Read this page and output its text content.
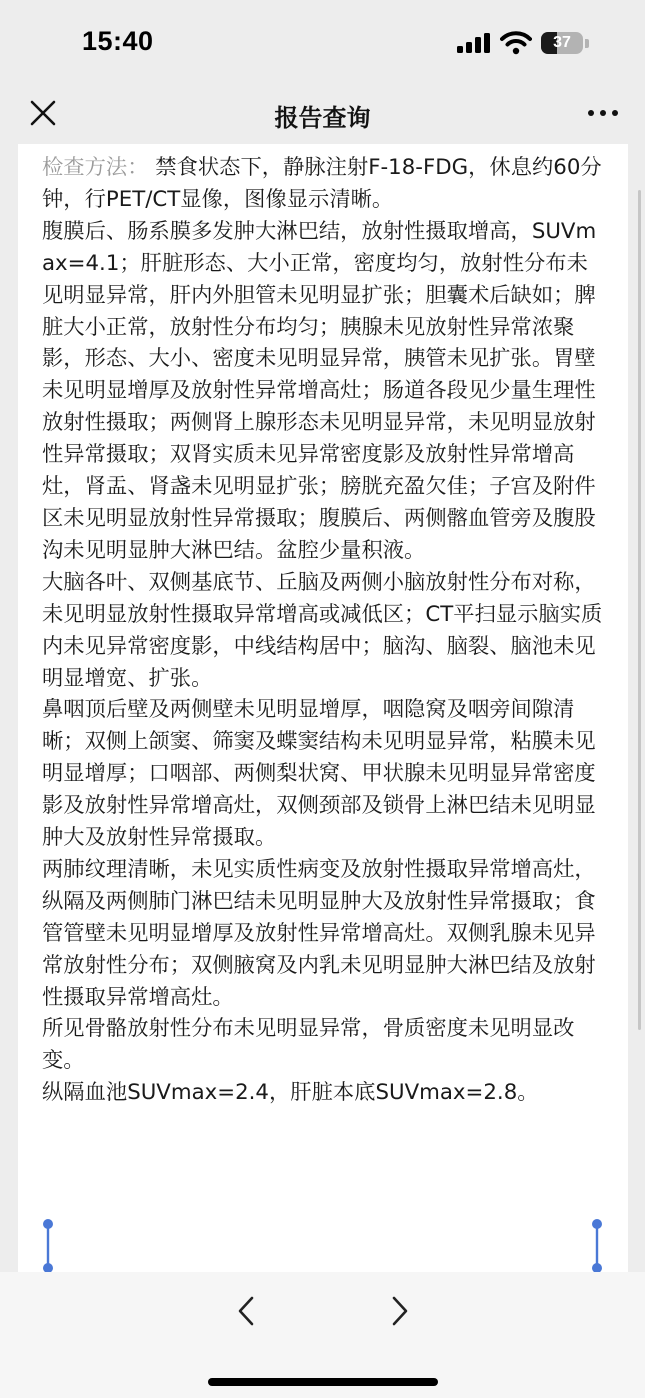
15:40	37
报告查询

检查方法： 禁食状态下，静脉注射F-18-FDG，休息约60分钟，行PET/CT显像，图像显示清晰。

腹膜后、肠系膜多发肿大淋巴结，放射性摄取增高，SUVmax=4.1；肝脏形态、大小正常，密度均匀，放射性分布未见明显异常，肝内外胆管未见明显扩张；胆囊术后缺如；脾脏大小正常，放射性分布均匀；胰腺未见放射性异常浓聚影，形态、大小、密度未见明显异常，胰管未见扩张。胃壁未见明显增厚及放射性异常增高灶；肠道各段见少量生理性放射性摄取；两侧肾上腺形态未见明显异常，未见明显放射性异常摄取；双肾实质未见异常密度影及放射性异常增高灶，肾盂、肾盏未见明显扩张；膀胱充盈欠佳；子宫及附件区未见明显放射性异常摄取；腹膜后、两侧髂血管旁及腹股沟未见明显肿大淋巴结。盆腔少量积液。

大脑各叶、双侧基底节、丘脑及两侧小脑放射性分布对称，未见明显放射性摄取异常增高或减低区；CT平扫显示脑实质内未见异常密度影，中线结构居中；脑沟、脑裂、脑池未见明显增宽、扩张。

鼻咽顶后壁及两侧壁未见明显增厚，咽隐窝及咽旁间隙清晰；双侧上颌窦、筛窦及蝶窦结构未见明显异常，粘膜未见明显增厚；口咽部、两侧梨状窝、甲状腺未见明显异常密度影及放射性异常增高灶，双侧颈部及锁骨上淋巴结未见明显肿大及放射性异常摄取。

两肺纹理清晰，未见实质性病变及放射性摄取异常增高灶，纵隔及两侧肺门淋巴结未见明显肿大及放射性异常摄取；食管管壁未见明显增厚及放射性异常增高灶。双侧乳腺未见异常放射性分布；双侧腋窝及内乳未见明显肿大淋巴结及放射性摄取异常增高灶。

所见骨骼放射性分布未见明显异常，骨质密度未见明显改变。

纵隔血池SUVmax=2.4，肝脏本底SUVmax=2.8。
